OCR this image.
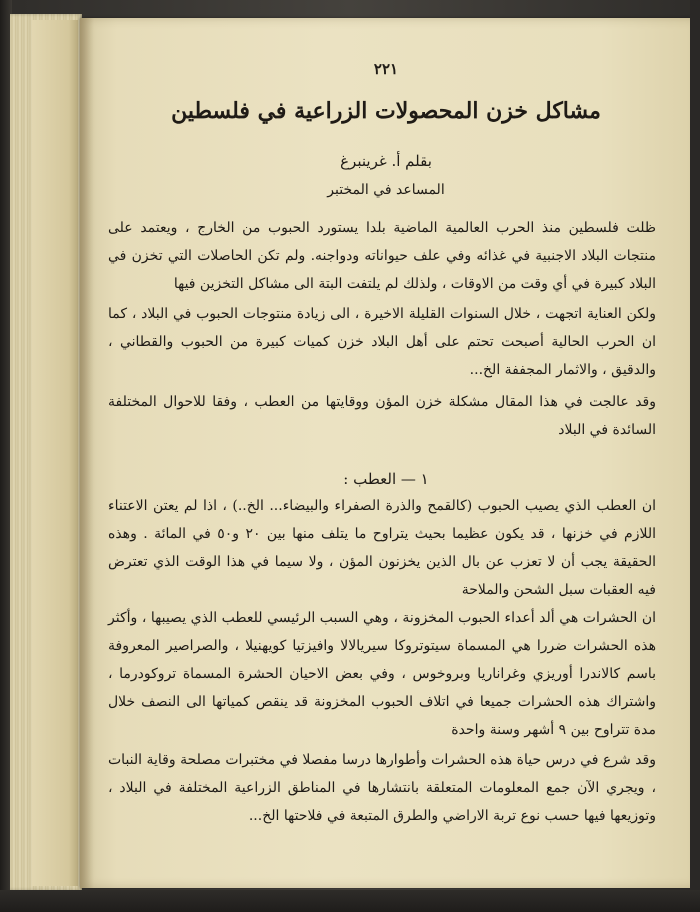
٢٢١
مشاكل خزن المحصولات الزراعية في فلسطين
بقلم أ. غرينبرغ
المساعد في المختبر
ظلت فلسطين منذ الحرب العالمية الماضية بلدا يستورد الحبوب من الخارج ، ويعتمد على منتجات البلاد الاجنبية في غذائه وفي علف حيواناته ودواجنه. ولم تكن الحاصلات التي تخزن في البلاد كبيرة في أي وقت من الاوقات ، ولذلك لم يلتفت البتة الى مشاكل التخزين فيها
ولكن العناية اتجهت ، خلال السنوات القليلة الاخيرة ، الى زيادة منتوجات الحبوب في البلاد ، كما ان الحرب الحالية أصبحت تحتم على أهل البلاد خزن كميات كبيرة من الحبوب والقطاني ، والدقيق ، والاثمار المجففة الخ...
وقد عالجت في هذا المقال مشكلة خزن المؤن ووقايتها من العطب ، وفقا للاحوال المختلفة السائدة في البلاد
١ — العطب :
ان العطب الذي يصيب الحبوب (كالقمح والذرة الصفراء والبيضاء... الخ..) ، اذا لم يعتن الاعتناء اللازم في خزنها ، قد يكون عظيما بحيث يتراوح ما يتلف منها بين ٢٠ و٥٠ في المائة . وهذه الحقيقة يجب أن لا تعزب عن بال الذين يخزنون المؤن ، ولا سيما في هذا الوقت الذي تعترض فيه العقبات سبل الشحن والملاحة
ان الحشرات هي ألد أعداء الحبوب المخزونة ، وهي السبب الرئيسي للعطب الذي يصيبها ، وأكثر هذه الحشرات ضررا هي المسماة سيتوتروكا سيريالالا وافيزتيا كويهنيلا ، والصراصير المعروفة باسم كالاندرا أوريزي وغراناريا وبروخوس ، وفي بعض الاحيان الحشرة المسماة تروكودرما ، واشتراك هذه الحشرات جميعا في اتلاف الحبوب المخزونة قد ينقص كمياتها الى النصف خلال مدة تتراوح بين ٩ أشهر وسنة واحدة
وقد شرع في درس حياة هذه الحشرات وأطوارها درسا مفصلا في مختبرات مصلحة وقاية النبات ، ويجري الآن جمع المعلومات المتعلقة بانتشارها في المناطق الزراعية المختلفة في البلاد ، وتوزيعها فيها حسب نوع تربة الاراضي والطرق المتبعة في فلاحتها الخ...
